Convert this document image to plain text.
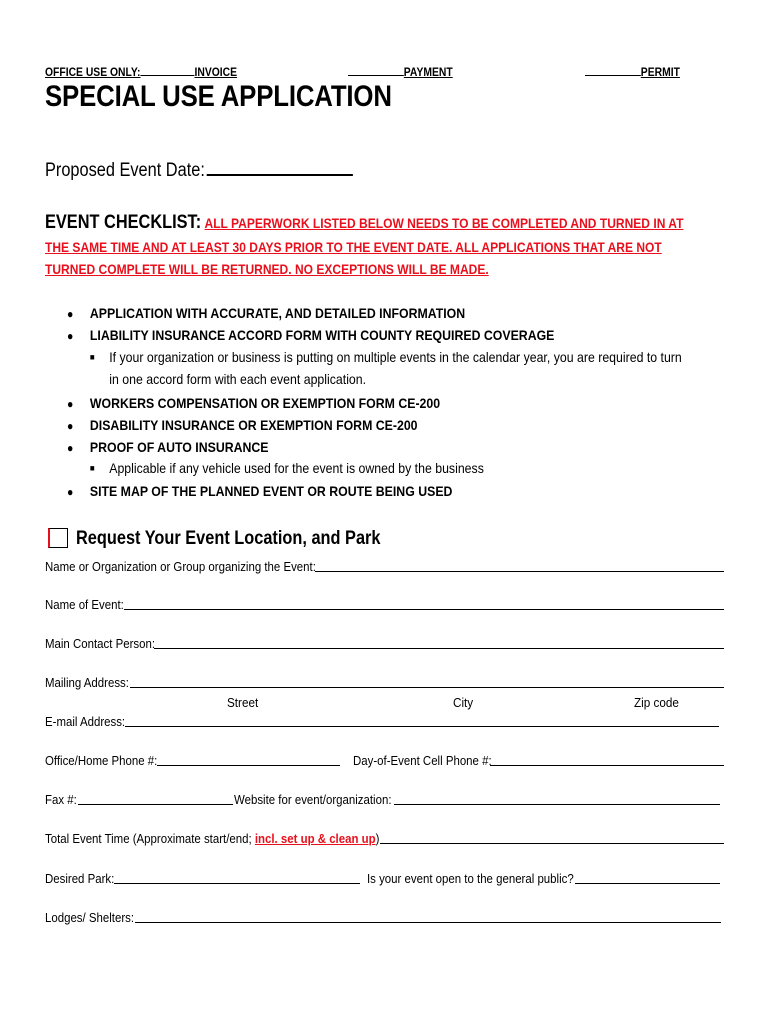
OFFICE USE ONLY:	INVOICE	PAYMENT	PERMIT
SPECIAL USE APPLICATION
Proposed Event Date:
EVENT CHECKLIST: ALL PAPERWORK LISTED BELOW NEEDS TO BE COMPLETED AND TURNED IN AT
THE SAME TIME AND AT LEAST 30 DAYS PRIOR TO THE EVENT DATE. ALL APPLICATIONS THAT ARE NOT
TURNED COMPLETE WILL BE RETURNED. NO EXCEPTIONS WILL BE MADE.
● APPLICATION WITH ACCURATE, AND DETAILED INFORMATION
● LIABILITY INSURANCE ACCORD FORM WITH COUNTY REQUIRED COVERAGE
■ If your organization or business is putting on multiple events in the calendar year, you are required to turn
in one accord form with each event application.
● WORKERS COMPENSATION OR EXEMPTION FORM CE-200
● DISABILITY INSURANCE OR EXEMPTION FORM CE-200
● PROOF OF AUTO INSURANCE
■ Applicable if any vehicle used for the event is owned by the business
● SITE MAP OF THE PLANNED EVENT OR ROUTE BEING USED
Request Your Event Location, and Park
Name or Organization or Group organizing the Event:
Name of Event:
Main Contact Person:
Mailing Address:
Street	City	Zip code
E-mail Address:
Office/Home Phone #:	Day-of-Event Cell Phone #:
Fax #:	Website for event/organization:
Total Event Time (Approximate start/end; incl. set up & clean up)
Desired Park:	Is your event open to the general public?
Lodges/ Shelters:
